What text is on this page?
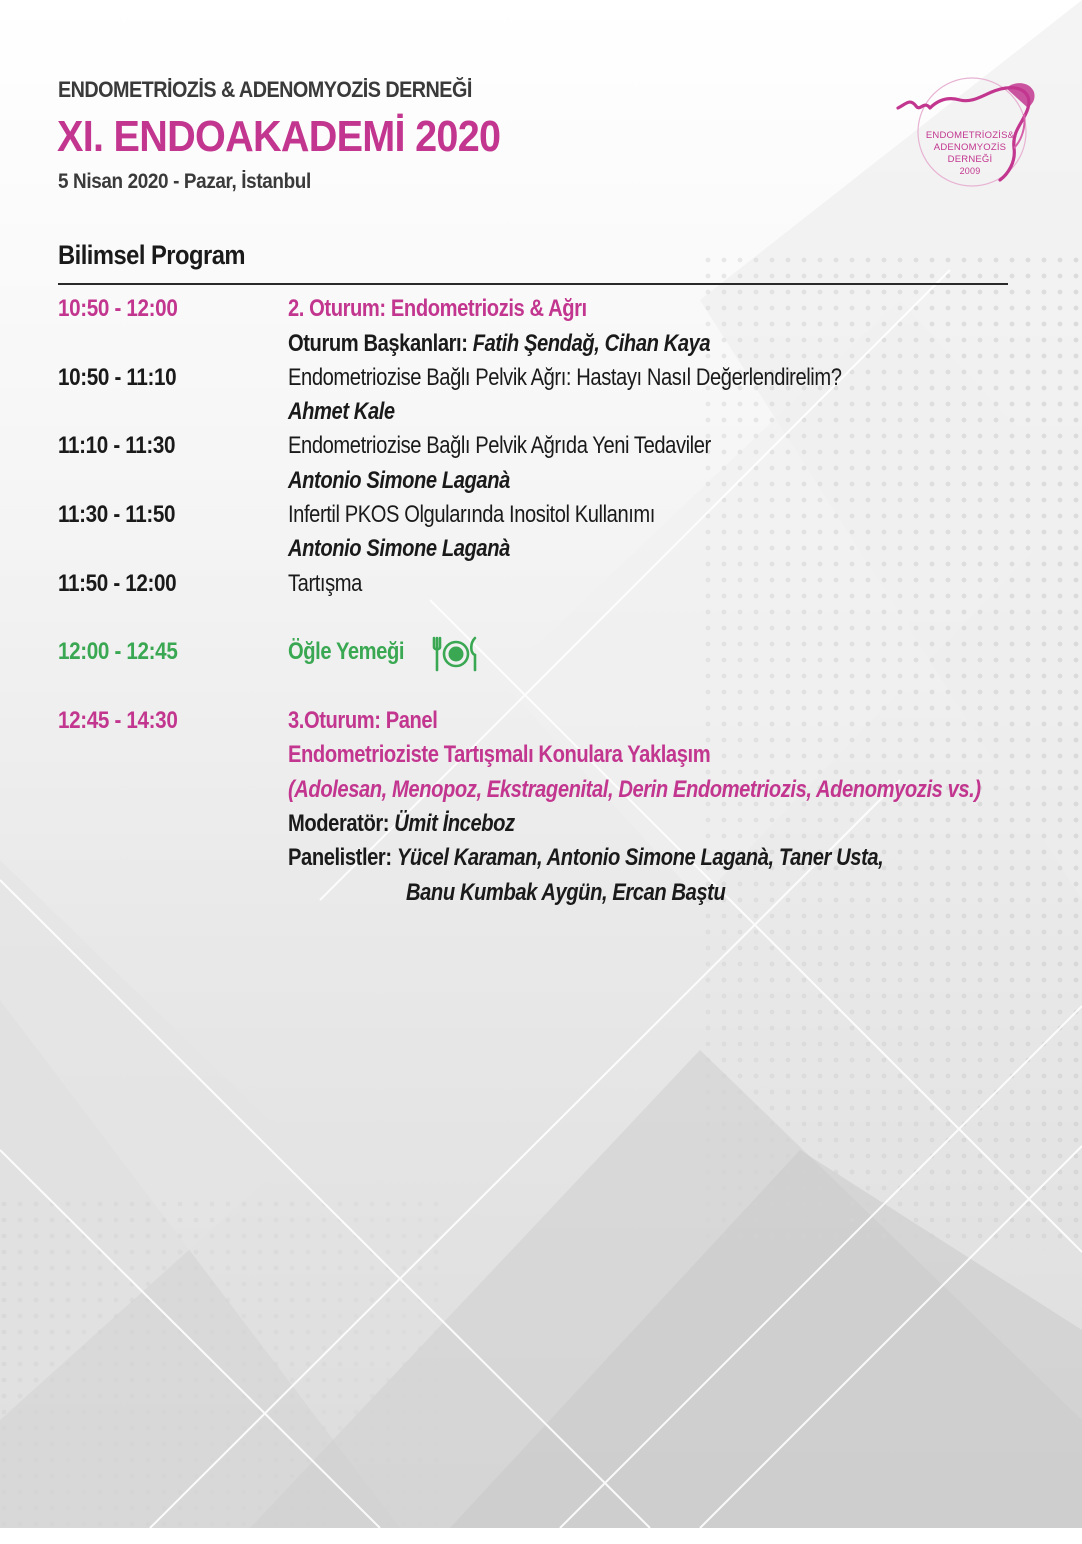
ENDOMETRİOZİS & ADENOMYOZİS DERNEĞİ
XI. ENDOAKADEMİ 2020
5 Nisan 2020 - Pazar, İstanbul
ENDOMETRİOZİS&
ADENOMYOZİS
DERNEĞİ
2009
Bilimsel Program
10:50 - 12:00	2. Oturum: Endometriozis & Ağrı
Oturum Başkanları: Fatih Şendağ, Cihan Kaya
10:50 - 11:10	Endometriozise Bağlı Pelvik Ağrı: Hastayı Nasıl Değerlendirelim?
Ahmet Kale
11:10 - 11:30	Endometriozise Bağlı Pelvik Ağrıda Yeni Tedaviler
Antonio Simone Laganà
11:30 - 11:50	Infertil PKOS Olgularında Inositol Kullanımı
Antonio Simone Laganà
11:50 - 12:00	Tartışma
12:00 - 12:45	Öğle Yemeği
12:45 - 14:30	3.Oturum: Panel
Endometrioziste Tartışmalı Konulara Yaklaşım
(Adolesan, Menopoz, Ekstragenital, Derin Endometriozis, Adenomyozis vs.)
Moderatör: Ümit İnceboz
Panelistler: Yücel Karaman, Antonio Simone Laganà, Taner Usta,
Banu Kumbak Aygün, Ercan Baştu
